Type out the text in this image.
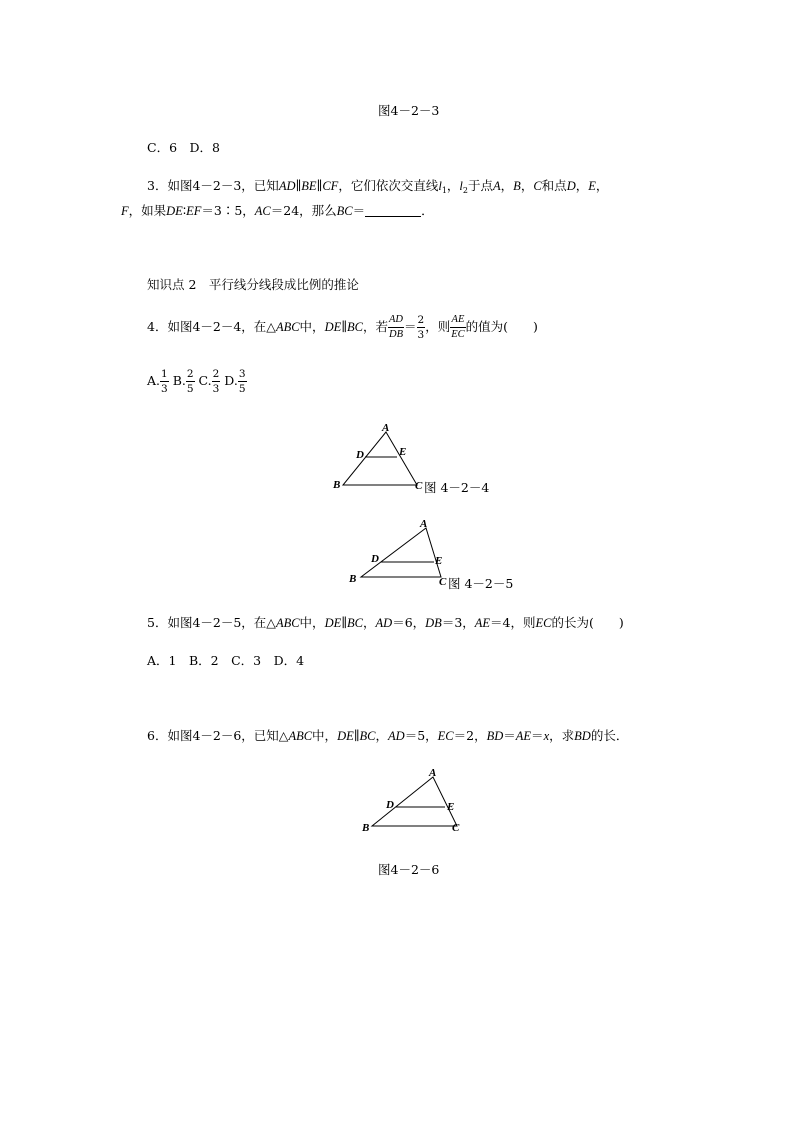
图4－2－3
C．6　D．8
3．如图4－2－3，已知AD∥BE∥CF，它们依次交直线$l_1$，$l_2$于点A，B，C和点D，E，
F，如果DE∶EF＝3∶5，AC＝24，那么BC＝	．
知识点 2　平行线分线段成比例的推论
4．如图4－2－4，在△ABC中，DE∥BC，若 $\frac{AD}{DB} = \frac{2}{3}$ ，则 $\frac{AE}{EC}$ 的值为(　　)
A. $\frac{1}{3} B$. $\frac{2}{5} C$. $\frac{2}{3} D$. $\frac{3}{5}$
A
D	E
B	C 图 4－2－4
A
D	E
B	C 图 4－2－5
5．如图4－2－5，在△ABC中，DE∥BC，AD＝6，DB＝3，AE＝4，则EC的长为(　　)
A．1　B．2　C．3　D．4
6．如图4－2－6，已知△ABC中，DE∥BC，AD＝5，EC＝2，BD＝AE＝x，求BD的长．
A
D	E
B	C
图4－2－6
